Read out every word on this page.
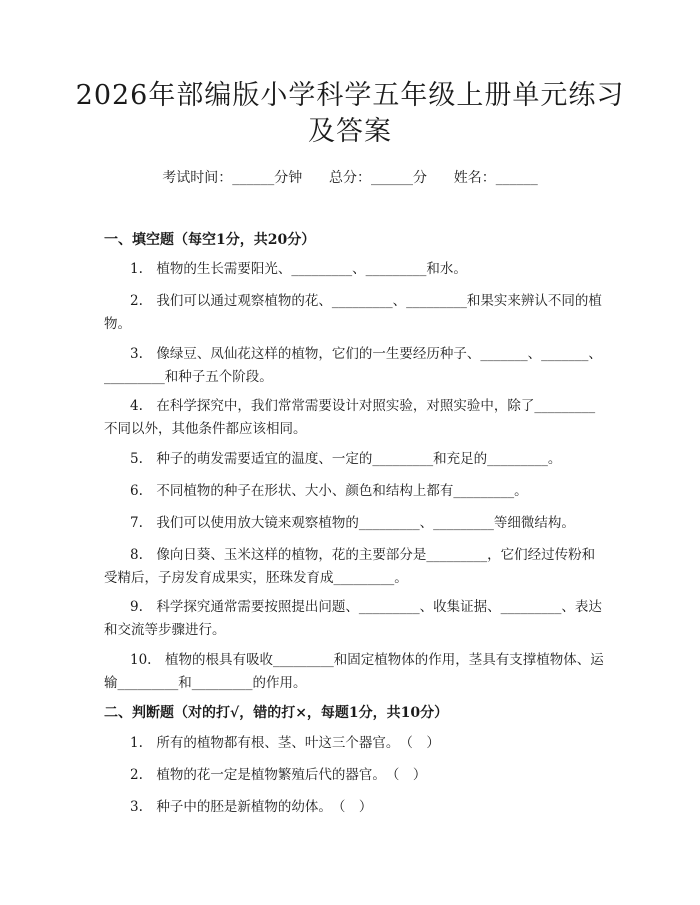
2026年部编版小学科学五年级上册单元练习
及答案
考试时间：______分钟      总分：______分      姓名：______
一、填空题（每空1分，共20分）

1.　植物的生长需要阳光、_________、_________和水。

2.　我们可以通过观察植物的花、_________、_________和果实来辨认不同的植物。

3.　像绿豆、凤仙花这样的植物，它们的一生要经历种子、_______、_______、_________和种子五个阶段。

4.　在科学探究中，我们常常需要设计对照实验，对照实验中，除了_________不同以外，其他条件都应该相同。

5.　种子的萌发需要适宜的温度、一定的_________和充足的_________。

6.　不同植物的种子在形状、大小、颜色和结构上都有_________。

7.　我们可以使用放大镜来观察植物的_________、_________等细微结构。

8.　像向日葵、玉米这样的植物，花的主要部分是_________，它们经过传粉和受精后，子房发育成果实，胚珠发育成_________。

9.　科学探究通常需要按照提出问题、_________、收集证据、_________、表达和交流等步骤进行。

10.　植物的根具有吸收_________和固定植物体的作用，茎具有支撑植物体、运输_________和_________的作用。

二、判断题（对的打√，错的打×，每题1分，共10分）

1.　所有的植物都有根、茎、叶这三个器官。　（　）

2.　植物的花一定是植物繁殖后代的器官。　（　）

3.　种子中的胚是新植物的幼体。　（　）
